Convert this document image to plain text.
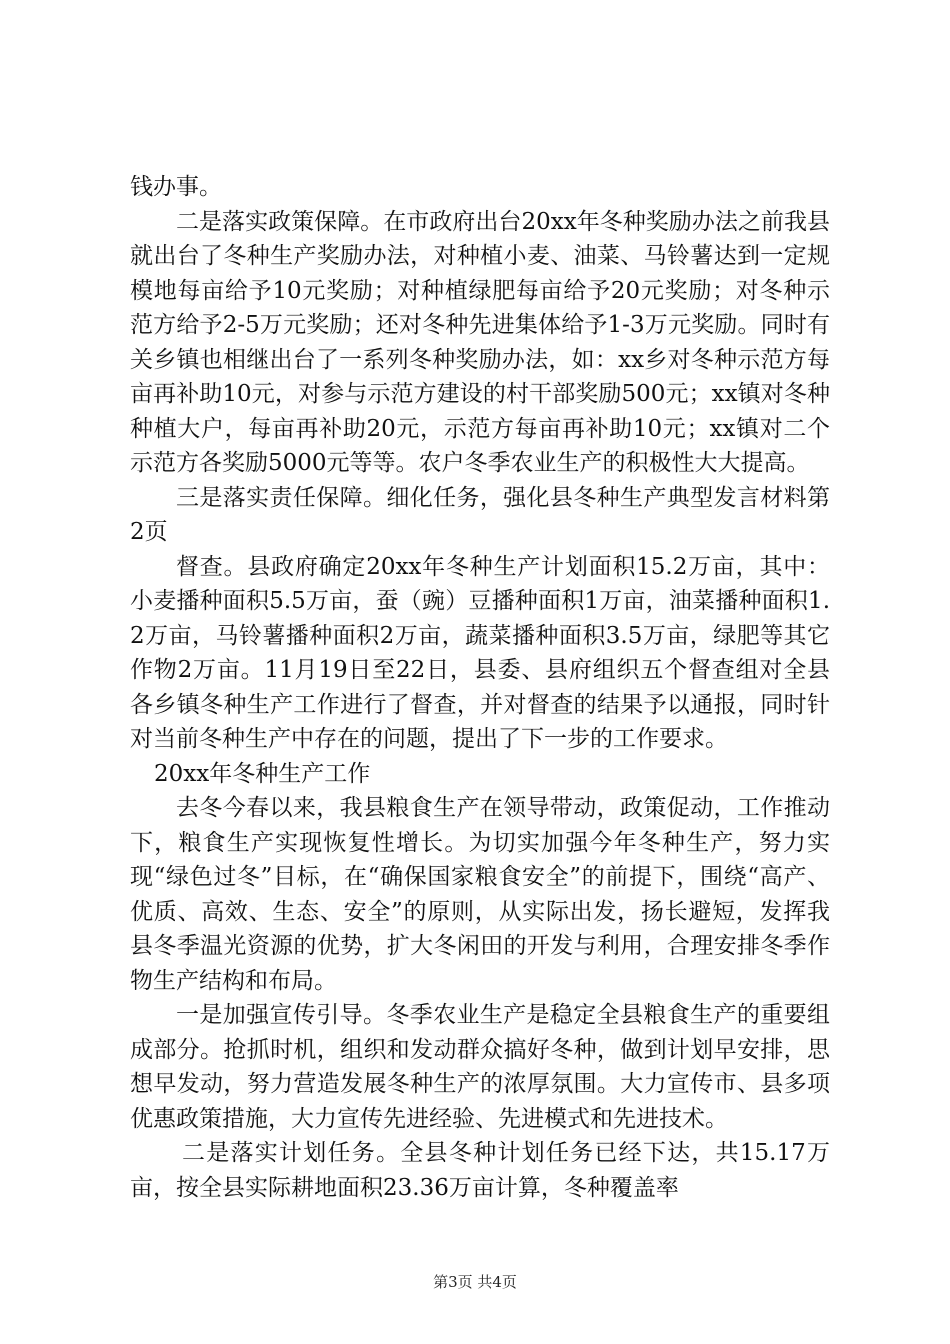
钱办事。

二是落实政策保障。在市政府出台20xx年冬种奖励办法之前我县就出台了冬种生产奖励办法，对种植小麦、油菜、马铃薯达到一定规模地每亩给予10元奖励；对种植绿肥每亩给予20元奖励；对冬种示范方给予2-5万元奖励；还对冬种先进集体给予1-3万元奖励。同时有关乡镇也相继出台了一系列冬种奖励办法，如：xx乡对冬种示范方每亩再补助10元，对参与示范方建设的村干部奖励500元；xx镇对冬种种植大户，每亩再补助20元，示范方每亩再补助10元；xx镇对二个示范方各奖励5000元等等。农户冬季农业生产的积极性大大提高。

三是落实责任保障。细化任务，强化县冬种生产典型发言材料第2页

督查。县政府确定20xx年冬种生产计划面积15.2万亩，其中：小麦播种面积5.5万亩，蚕（豌）豆播种面积1万亩，油菜播种面积1.2万亩，马铃薯播种面积2万亩，蔬菜播种面积3.5万亩，绿肥等其它作物2万亩。11月19日至22日，县委、县府组织五个督查组对全县各乡镇冬种生产工作进行了督查，并对督查的结果予以通报，同时针对当前冬种生产中存在的问题，提出了下一步的工作要求。

20xx年冬种生产工作

去冬今春以来，我县粮食生产在领导带动，政策促动，工作推动下，粮食生产实现恢复性增长。为切实加强今年冬种生产，努力实现“绿色过冬”目标，在“确保国家粮食安全”的前提下，围绕“高产、优质、高效、生态、安全”的原则，从实际出发，扬长避短，发挥我县冬季温光资源的优势，扩大冬闲田的开发与利用，合理安排冬季作物生产结构和布局。

一是加强宣传引导。冬季农业生产是稳定全县粮食生产的重要组成部分。抢抓时机，组织和发动群众搞好冬种，做到计划早安排，思想早发动，努力营造发展冬种生产的浓厚氛围。大力宣传市、县多项优惠政策措施，大力宣传先进经验、先进模式和先进技术。

二是落实计划任务。全县冬种计划任务已经下达，共15.17万亩，按全县实际耕地面积23.36万亩计算，冬种覆盖率

第3页 共4页
